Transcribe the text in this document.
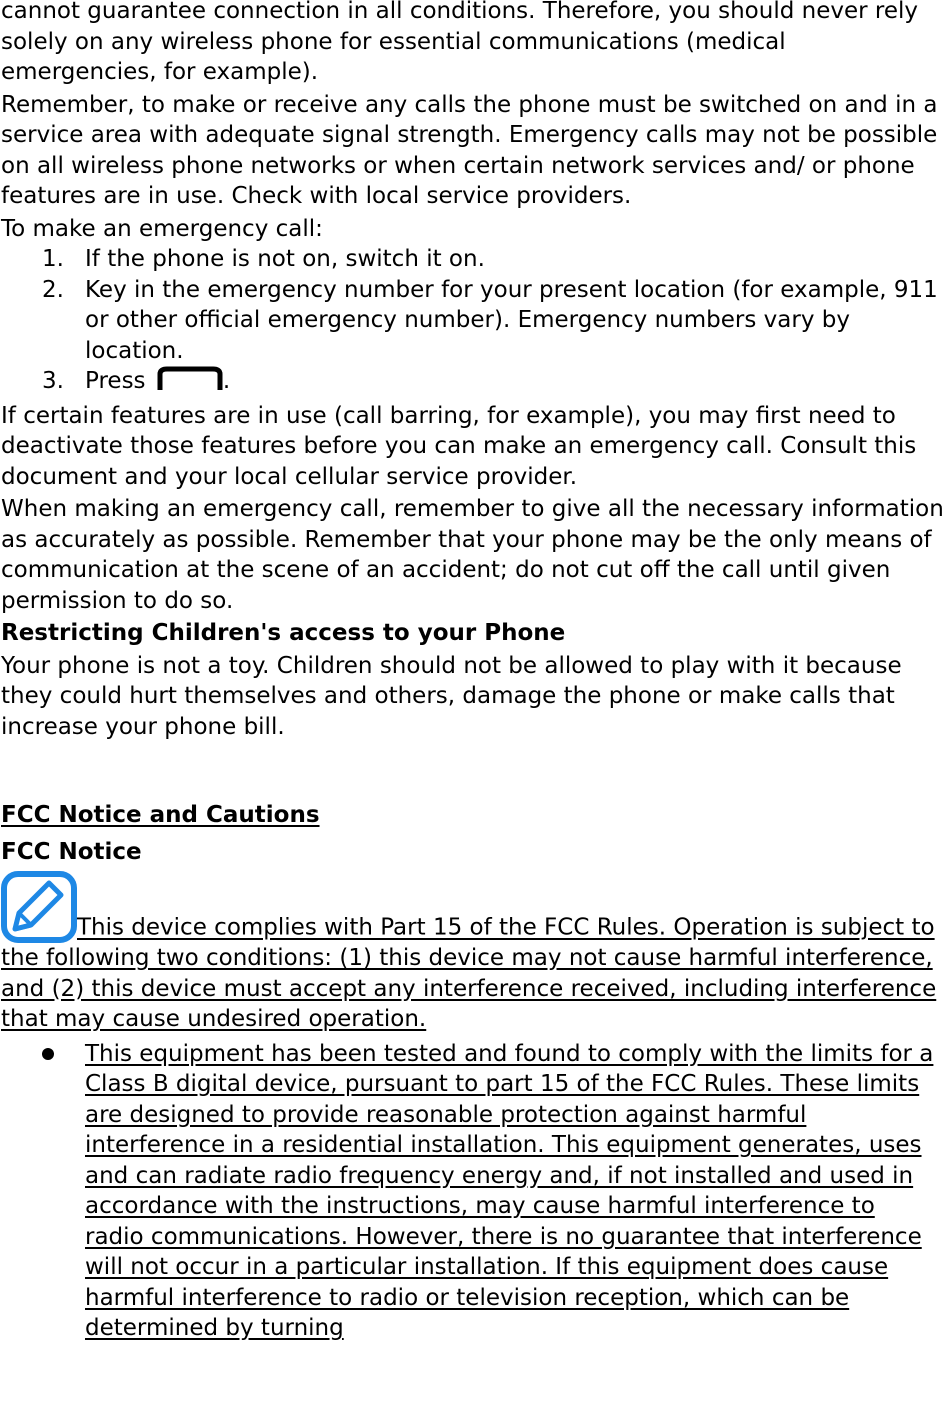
cannot guarantee connection in all conditions. Therefore, you should never rely solely on any wireless phone for essential communications (medical emergencies, for example).

Remember, to make or receive any calls the phone must be switched on and in a service area with adequate signal strength. Emergency calls may not be possible on all wireless phone networks or when certain network services and/ or phone features are in use. Check with local service providers.

To make an emergency call:

1. If the phone is not on, switch it on.
2. Key in the emergency number for your present location (for example, 911 or other official emergency number). Emergency numbers vary by location.
3. Press	.

If certain features are in use (call barring, for example), you may first need to deactivate those features before you can make an emergency call. Consult this document and your local cellular service provider.

When making an emergency call, remember to give all the necessary information as accurately as possible. Remember that your phone may be the only means of communication at the scene of an accident; do not cut off the call until given permission to do so.

Restricting Children's access to your Phone

Your phone is not a toy. Children should not be allowed to play with it because they could hurt themselves and others, damage the phone or make calls that increase your phone bill.

FCC Notice and Cautions

FCC Notice

This device complies with Part 15 of the FCC Rules. Operation is subject to the following two conditions: (1) this device may not cause harmful interference, and (2) this device must accept any interference received, including interference that may cause undesired operation.
This equipment has been tested and found to comply with the limits for a Class B digital device, pursuant to part 15 of the FCC Rules. These limits are designed to provide reasonable protection against harmful interference in a residential installation. This equipment generates, uses and can radiate radio frequency energy and, if not installed and used in accordance with the instructions, may cause harmful interference to radio communications. However, there is no guarantee that interference will not occur in a particular installation. If this equipment does cause harmful interference to radio or television reception, which can be determined by turning
